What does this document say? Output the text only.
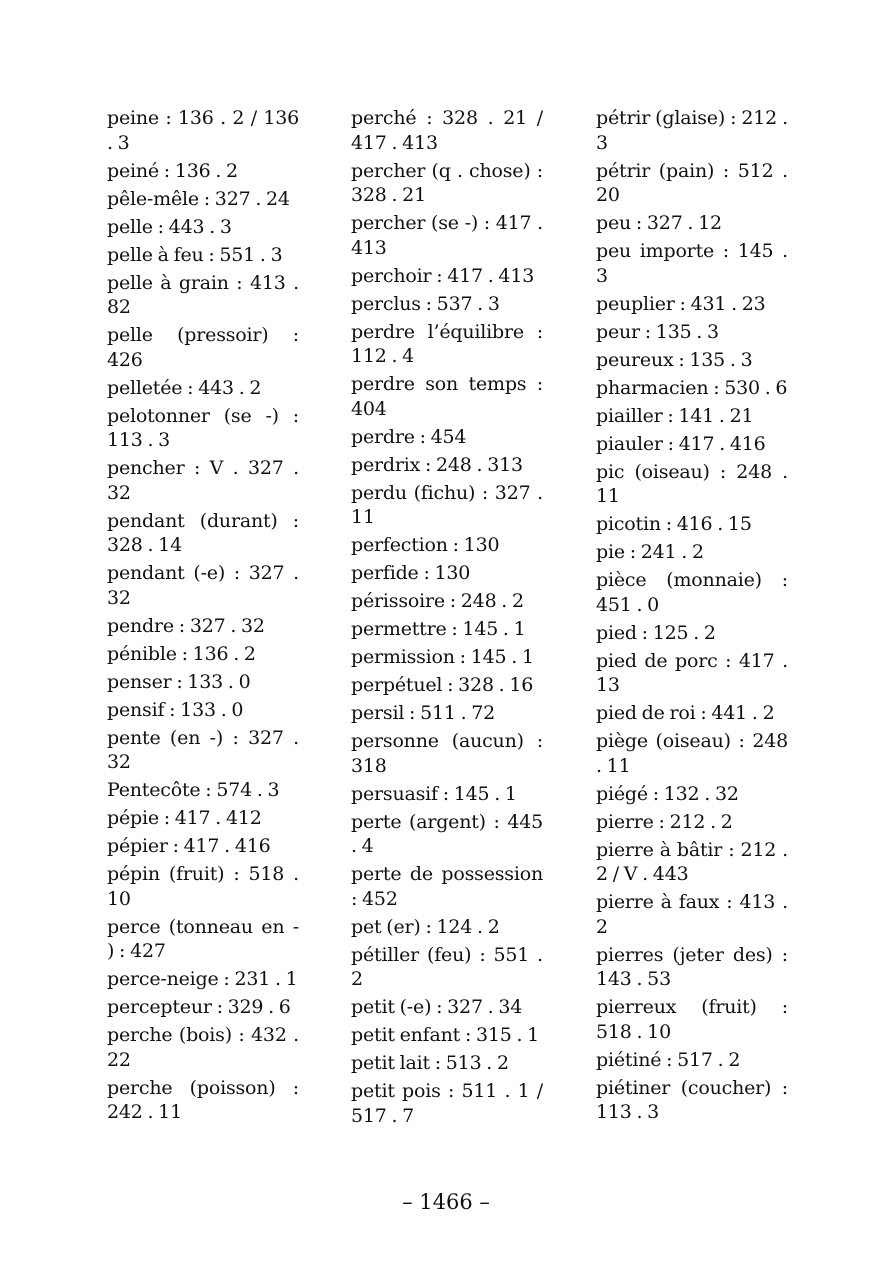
peine : 136 . 2 / 136 . 3
peiné : 136 . 2
pêle-mêle : 327 . 24
pelle : 443 . 3
pelle à feu : 551 . 3
pelle à grain : 413 . 82
pelle (pressoir) : 426
pelletée : 443 . 2
pelotonner (se -) : 113 . 3
pencher : V . 327 . 32
pendant (durant) : 328 . 14
pendant (-e) : 327 . 32
pendre : 327 . 32
pénible : 136 . 2
penser : 133 . 0
pensif : 133 . 0
pente (en -) : 327 . 32
Pentecôte : 574 . 3
pépie : 417 . 412
pépier : 417 . 416
pépin (fruit) : 518 . 10
perce (tonneau en - ) : 427
perce-neige : 231 . 1
percepteur : 329 . 6
perche (bois) : 432 . 22
perche (poisson) : 242 . 11
perché : 328 . 21 / 417 . 413
percher (q . chose) : 328 . 21
percher (se -) : 417 . 413
perchoir : 417 . 413
perclus : 537 . 3
perdre l’équilibre : 112 . 4
perdre son temps : 404
perdre : 454
perdrix : 248 . 313
perdu (fichu) : 327 . 11
perfection : 130
perfide : 130
périssoire : 248 . 2
permettre : 145 . 1
permission : 145 . 1
perpétuel : 328 . 16
persil : 511 . 72
personne (aucun) : 318
persuasif : 145 . 1
perte (argent) : 445 . 4
perte de possession : 452
pet (er) : 124 . 2
pétiller (feu) : 551 . 2
petit (-e) : 327 . 34
petit enfant : 315 . 1
petit lait : 513 . 2
petit pois : 511 . 1 / 517 . 7
pétrir (glaise) : 212 . 3
pétrir (pain) : 512 . 20
peu : 327 . 12
peu importe : 145 . 3
peuplier : 431 . 23
peur : 135 . 3
peureux : 135 . 3
pharmacien : 530 . 6
piailler : 141 . 21
piauler : 417 . 416
pic (oiseau) : 248 . 11
picotin : 416 . 15
pie : 241 . 2
pièce (monnaie) : 451 . 0
pied : 125 . 2
pied de porc : 417 . 13
pied de roi : 441 . 2
piège (oiseau) : 248 . 11
piégé : 132 . 32
pierre : 212 . 2
pierre à bâtir : 212 . 2 / V . 443
pierre à faux : 413 . 2
pierres (jeter des) : 143 . 53
pierreux (fruit) : 518 . 10
piétiné : 517 . 2
piétiner (coucher) : 113 . 3
– 1466 –
